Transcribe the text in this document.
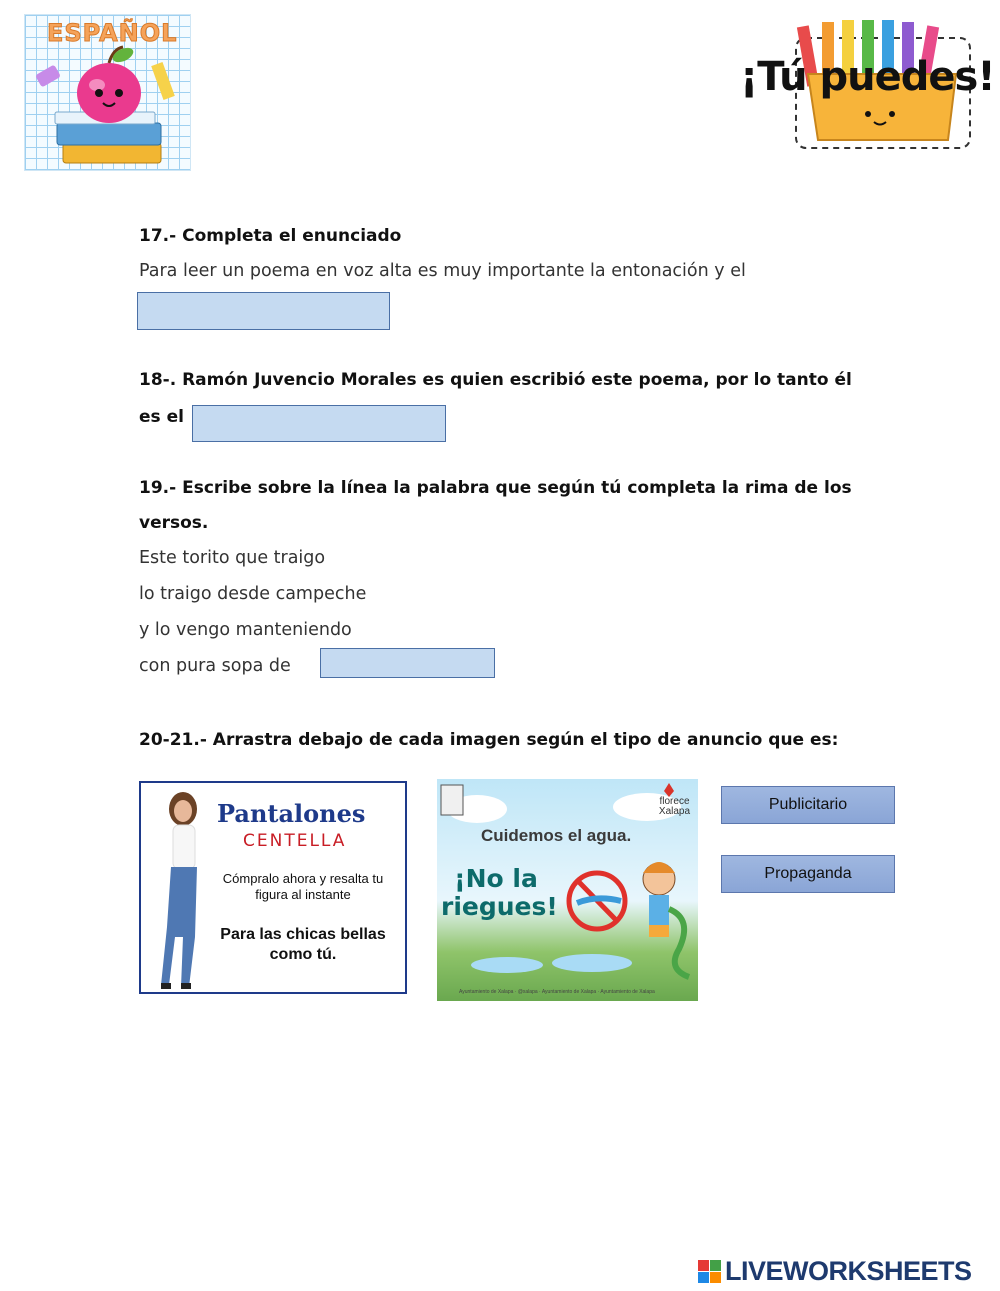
ESPAÑOL
¡Tú puedes!
17.- Completa el enunciado
Para leer un poema en voz alta es muy importante la entonación y el
18-. Ramón Juvencio Morales es quien escribió este poema, por lo tanto él
es el
19.- Escribe sobre la línea la palabra que según tú completa la rima de los
versos.
Este torito que traigo
lo traigo desde campeche
y lo vengo manteniendo
con pura sopa de
20-21.- Arrastra debajo de cada imagen según el tipo de anuncio que es:
Pantalones
CENTELLA
Cómpralo ahora y resalta tu figura al instante
Para las chicas bellas como tú.
florece Xalapa
Cuidemos el agua.
¡No la riegues!
Ayuntamiento de Xalapa · @xalapa · Ayuntamiento de Xalapa · Ayuntamiento de Xalapa
Publicitario
Propaganda
LIVEWORKSHEETS
